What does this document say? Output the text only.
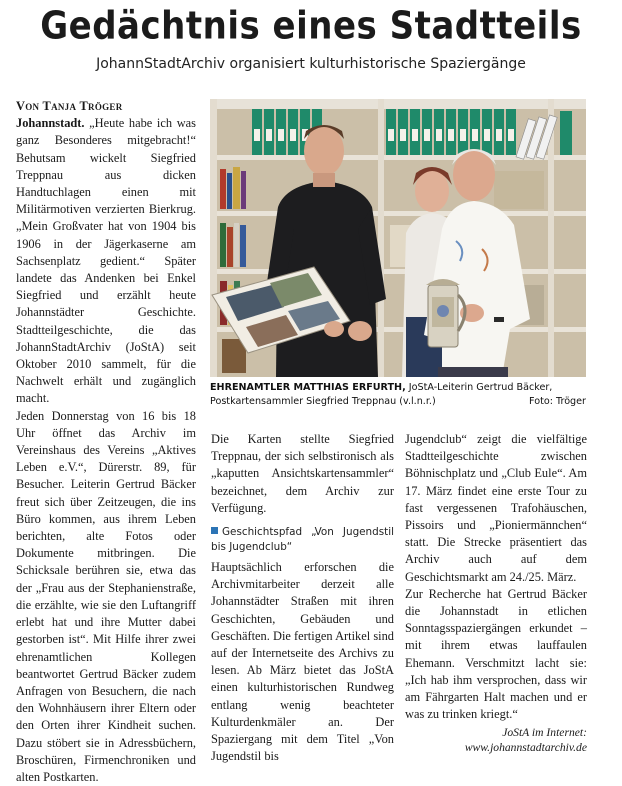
Gedächtnis eines Stadtteils
JohannStadtArchiv organisiert kulturhistorische Spaziergänge

Von Tanja Tröger

Johannstadt. „Heute habe ich was ganz Besonderes mitgebracht!“ Behutsam wickelt Siegfried Treppnau aus dicken Handtuchlagen einen mit Militärmotiven verzierten Bierkrug. „Mein Großvater hat von 1904 bis 1906 in der Jägerkaserne am Sachsenplatz gedient.“ Später landete das Andenken bei Enkel Siegfried und erzählt heute Johannstädter Geschichte. Stadtteilgeschichte, die das JohannStadtArchiv (JoStA) seit Oktober 2010 sammelt, für die Nachwelt erhält und zugänglich macht.

Jeden Donnerstag von 16 bis 18 Uhr öffnet das Archiv im Vereinshaus des Vereins „Aktives Leben e.V.“, Dürerstr. 89, für Besucher. Leiterin Gertrud Bäcker freut sich über Zeitzeugen, die ins Büro kommen, aus ihrem Leben berichten, alte Fotos oder Dokumente mitbringen. Die Schicksale berühren sie, etwa das der „Frau aus der Stephanienstraße, die erzählte, wie sie den Luftangriff erlebt hat und ihre Mutter dabei gestorben ist“. Mit Hilfe ihrer zwei ehrenamtlichen Kollegen beantwortet Gertrud Bäcker zudem Anfragen von Besuchern, die nach den Wohnhäusern ihrer Eltern oder den Orten ihrer Kindheit suchen. Dazu stöbert sie in Adressbüchern, Broschüren, Firmenchroniken und alten Postkarten.

EHRENAMTLER MATTHIAS ERFURTH, JoStA-Leiterin Gertrud Bäcker, Postkartensammler Siegfried Treppnau (v.l.n.r.)	Foto: Tröger

Die Karten stellte Siegfried Treppnau, der sich selbstironisch als „kaputten Ansichtskartensammler“ bezeichnet, dem Archiv zur Verfügung.

Geschichtspfad „Von Jugendstil bis Jugendclub“

Hauptsächlich erforschen die Archivmitarbeiter derzeit alle Johannstädter Straßen mit ihren Geschichten, Gebäuden und Geschäften. Die fertigen Artikel sind auf der Internetseite des Archivs zu lesen. Ab März bietet das JoStA einen kulturhistorischen Rundweg entlang wenig beachteter Kulturdenkmäler an. Der Spaziergang mit dem Titel „Von Jugendstil bis

Jugendclub“ zeigt die vielfältige Stadtteilgeschichte zwischen Böhnischplatz und „Club Eule“. Am 17. März findet eine erste Tour zu fast vergessenen Trafohäuschen, Pissoirs und „Pioniermännchen“ statt. Die Strecke präsentiert das Archiv auch auf dem Geschichtsmarkt am 24./25. März.

Zur Recherche hat Gertrud Bäcker die Johannstadt in etlichen Sonntagsspaziergängen erkundet – mit ihrem etwas lauffaulen Ehemann. Verschmitzt lacht sie: „Ich hab ihm versprochen, dass wir am Fährgarten Halt machen und er was zu trinken kriegt.“

JoStA im Internet:
www.johannstadtarchiv.de
